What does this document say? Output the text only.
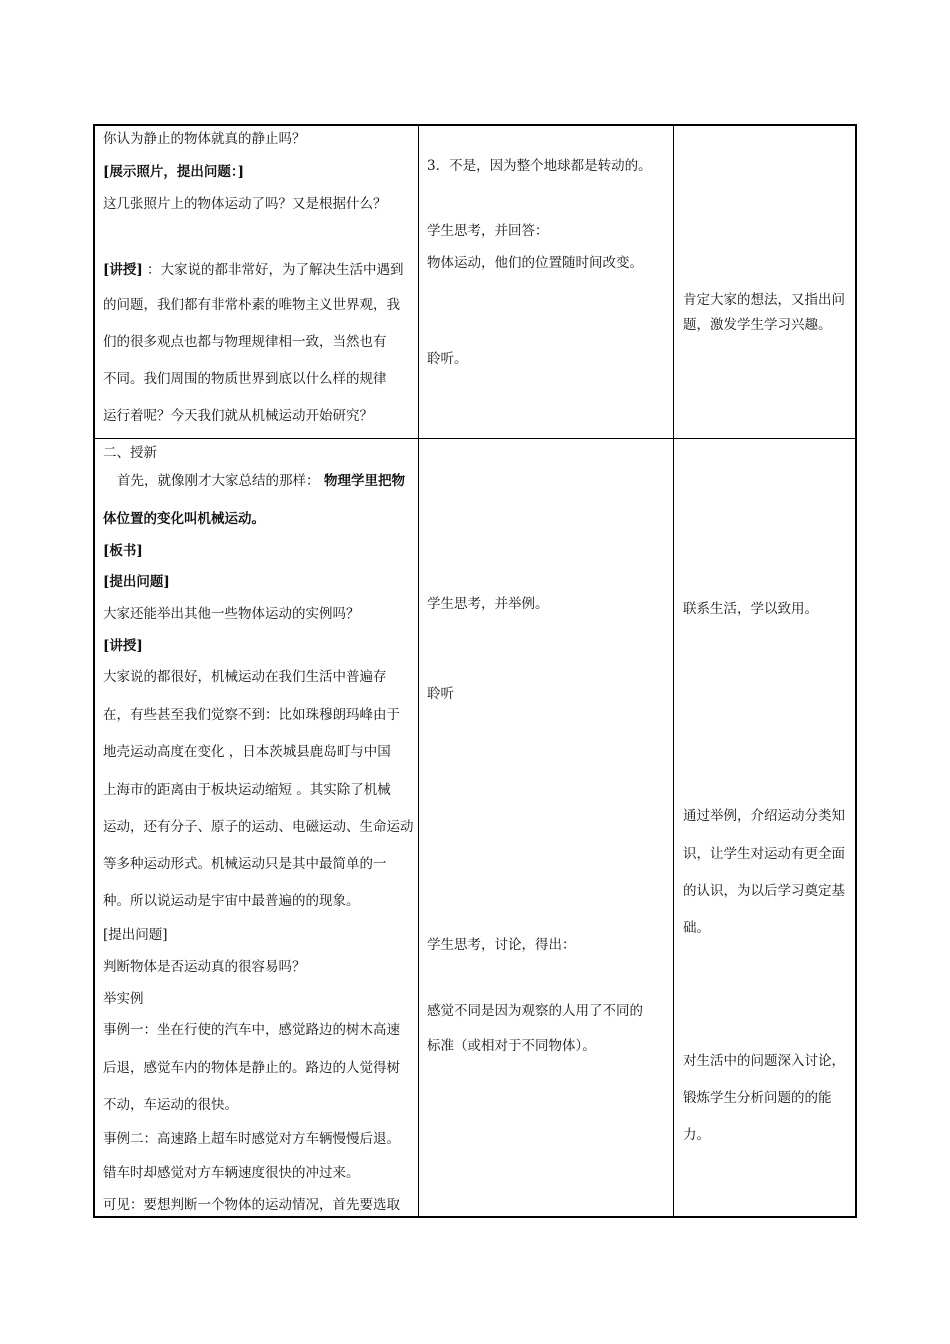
你认为静止的物体就真的静止吗？
[展示照片，提出问题：]
这几张照片上的物体运动了吗？又是根据什么？
[讲授] ：大家说的都非常好，为了解决生活中遇到
的问题，我们都有非常朴素的唯物主义世界观，我
们的很多观点也都与物理规律相一致，当然也有
不同。我们周围的物质世界到底以什么样的规律
运行着呢？今天我们就从机械运动开始研究？
3．不是，因为整个地球都是转动的。
学生思考，并回答：
物体运动，他们的位置随时间改变。
聆听。
肯定大家的想法，又指出问
题，激发学生学习兴趣。
二、授新
首先，就像刚才大家总结的那样： 物理学里把物
体位置的变化叫机械运动。
[板书]
[提出问题]
大家还能举出其他一些物体运动的实例吗？
[讲授]
大家说的都很好，机械运动在我们生活中普遍存
在，有些甚至我们觉察不到：比如珠穆朗玛峰由于
地壳运动高度在变化 ，日本茨城县鹿岛町与中国
上海市的距离由于板块运动缩短 。其实除了机械
运动，还有分子、原子的运动、电磁运动、生命运动
等多种运动形式。机械运动只是其中最简单的一
种。所以说运动是宇宙中最普遍的的现象。
[提出问题]
判断物体是否运动真的很容易吗？
举实例
事例一：坐在行使的汽车中，感觉路边的树木高速
后退，感觉车内的物体是静止的。路边的人觉得树
不动，车运动的很快。
事例二：高速路上超车时感觉对方车辆慢慢后退。
错车时却感觉对方车辆速度很快的冲过来。
可见：要想判断一个物体的运动情况，首先要选取
学生思考，并举例。
聆听
学生思考，讨论，得出：
感觉不同是因为观察的人用了不同的
标准（或相对于不同物体）。
联系生活，学以致用。
通过举例，介绍运动分类知
识，让学生对运动有更全面
的认识，为以后学习奠定基
础。
对生活中的问题深入讨论，
锻炼学生分析问题的的能
力。
